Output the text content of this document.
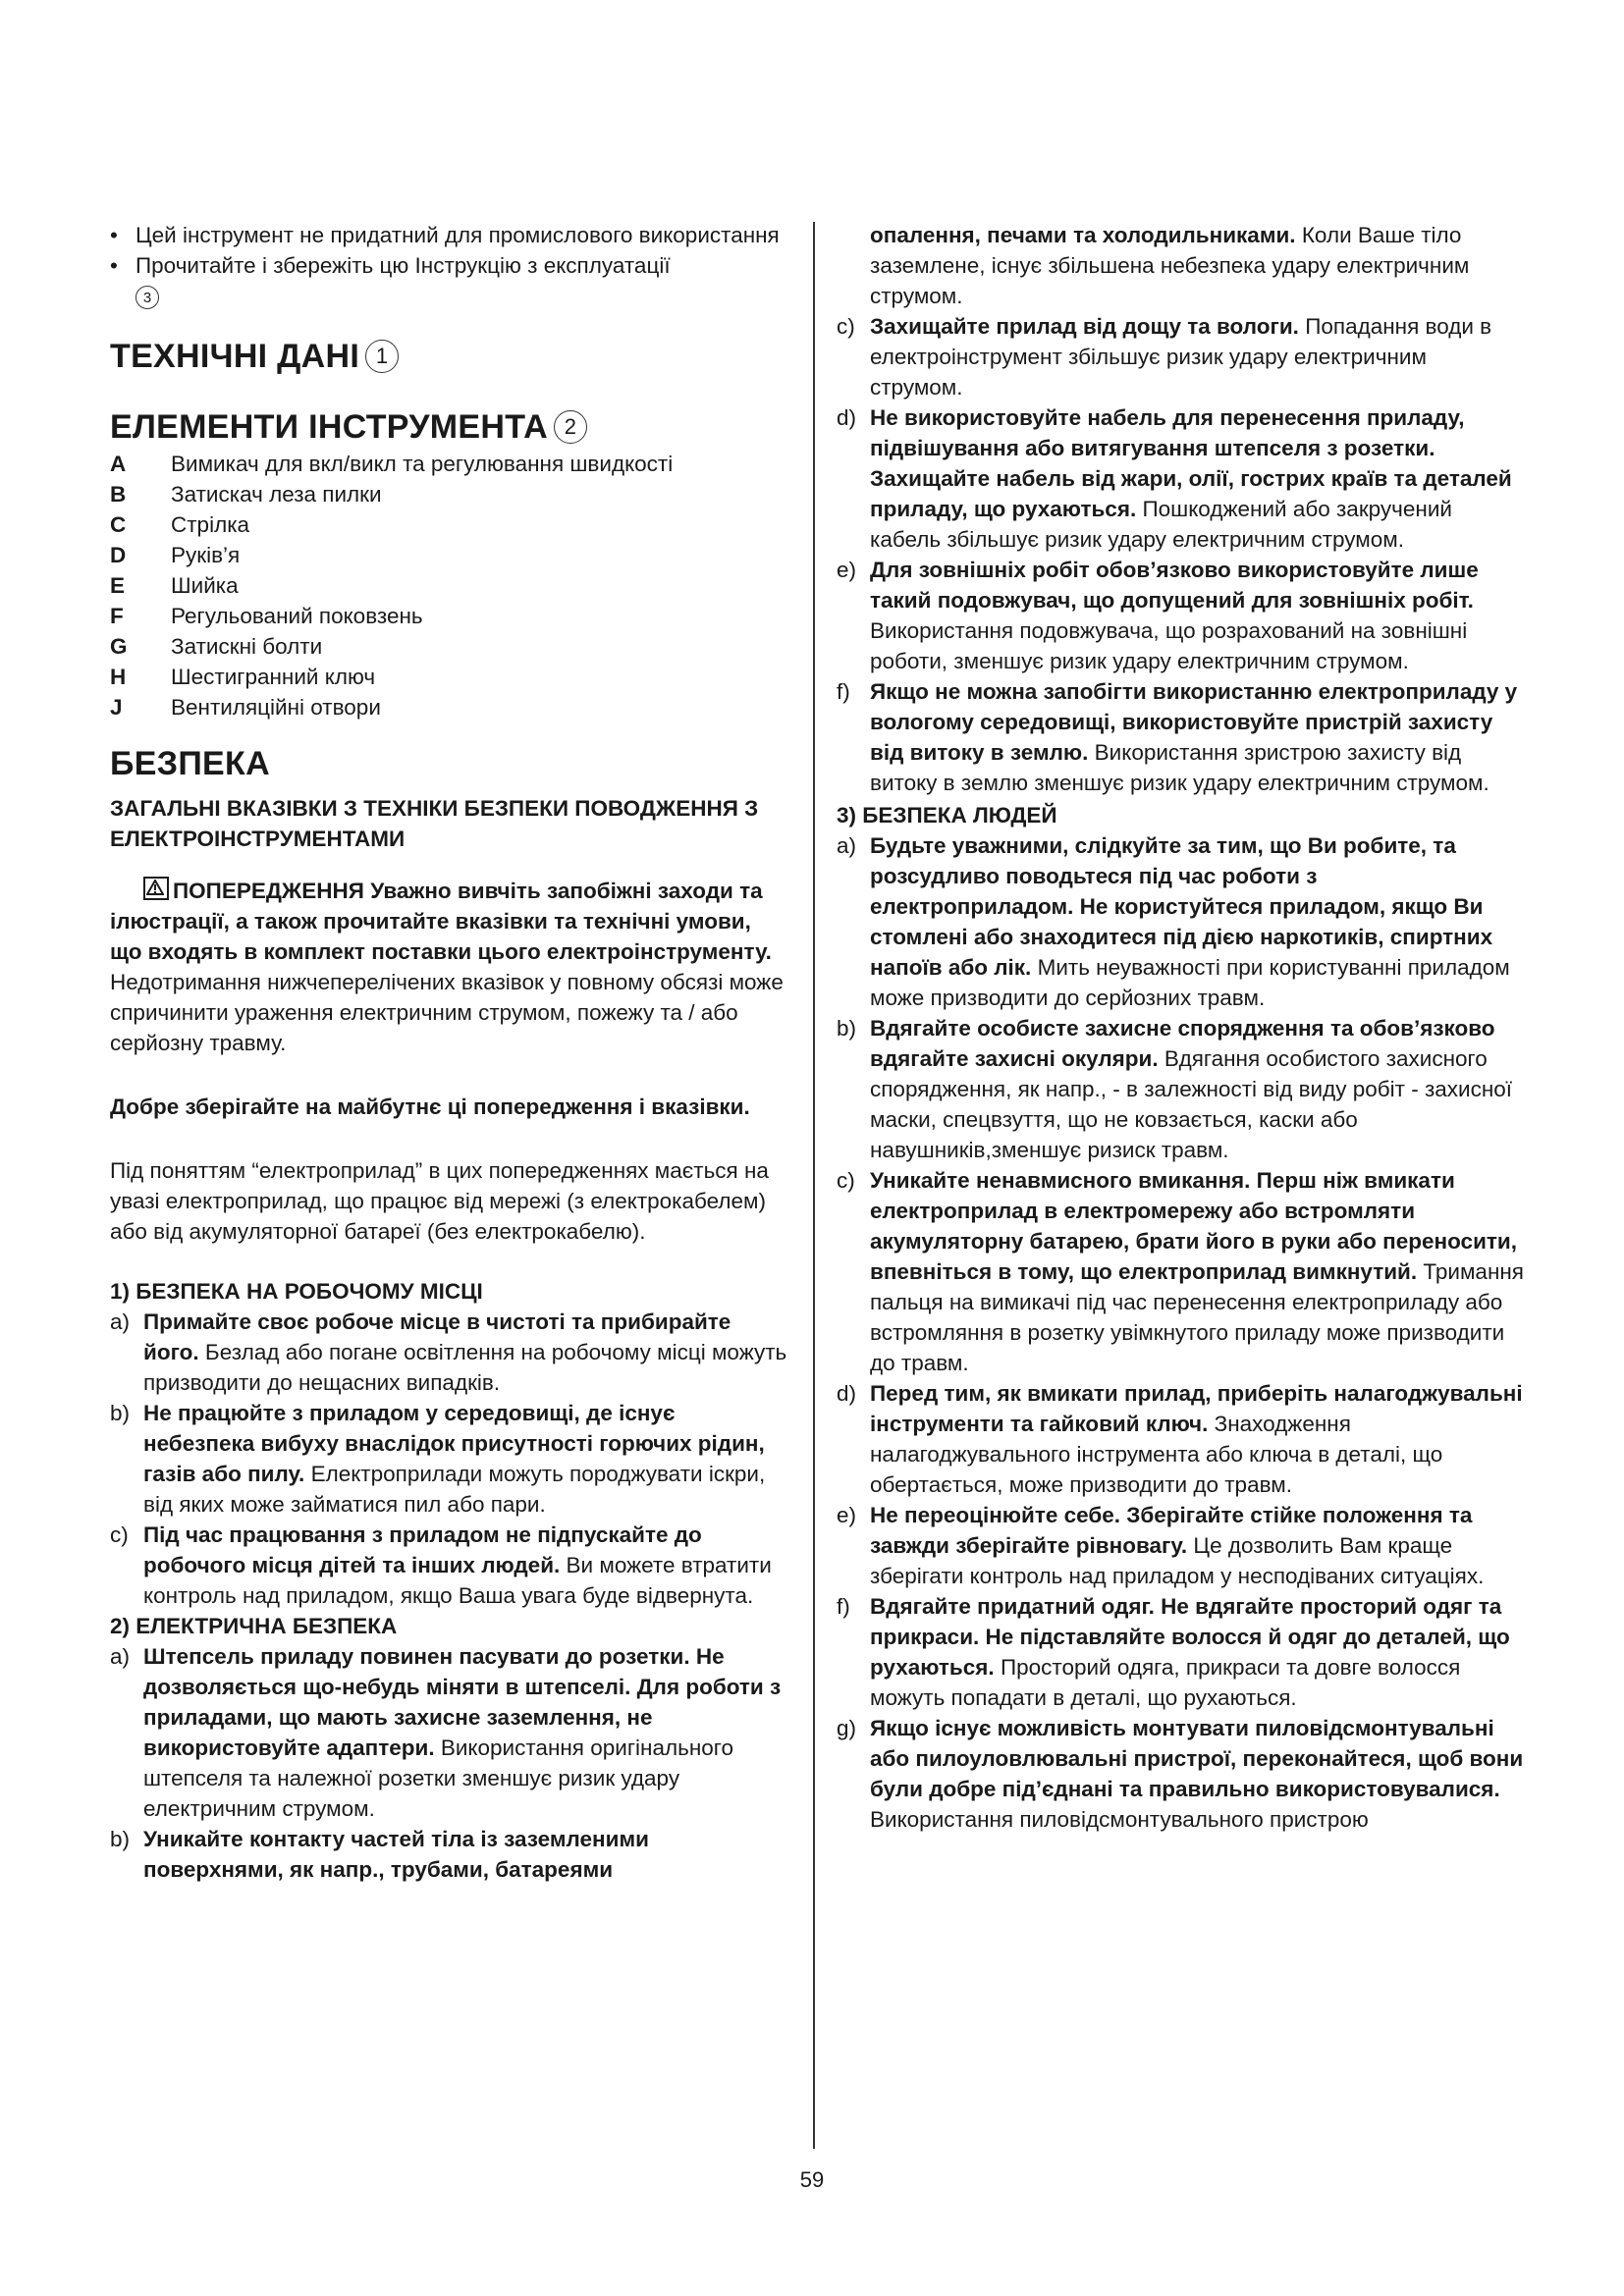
• Цей інструмент не придатний для промислового використання
• Прочитайте і збережіть цю Інструкцію з експлуатації
3
ТЕХНІЧНІ ДАНІ 1
ЕЛЕМЕНТИ ІНСТРУМЕНТА 2
A	Вимикач для вкл/викл та регулювання швидкості
B	Затискач леза пилки
C	Стрілка
D	Руків’я
E	Шийка
F	Регульований поковзень
G	Затискні болти
H	Шестигранний ключ
J	Вентиляційні отвори
БЕЗПЕКА
ЗАГАЛЬНІ ВКАЗІВКИ З ТЕХНІКИ БЕЗПЕКИ ПОВОДЖЕННЯ З ЕЛЕКТРОІНСТРУМЕНТАМИ
ПОПЕРЕДЖЕННЯ Уважно вивчіть запобіжні заходи та ілюстрації, а також прочитайте вказівки та технічні умови, що входять в комплект поставки цього електроінструменту. Недотримання нижчеперелічених вказівок у повному обсязі може спричинити ураження електричним струмом, пожежу та / або серйозну травму.
Добре зберігайте на майбутнє ці попередження і вказівки.
Під поняттям “електроприлад” в цих попередженнях мається на увазі електроприлад, що працює від мережі (з електрокабелем) або від акумуляторної батареї (без електрокабелю).
1) БЕЗПЕКА НА РОБОЧОМУ МІСЦІ
a) Примайте своє робоче місце в чистоті та прибирайте його. Безлад або погане освітлення на робочому місці можуть призводити до нещасних випадків.
b) Не працюйте з приладом у середовищі, де існує небезпека вибуху внаслідок присутності горючих рідин, газів або пилу. Електроприлади можуть породжувати іскри, від яких може займатися пил або пари.
c) Під час працювання з приладом не підпускайте до робочого місця дітей та інших людей. Ви можете втратити контроль над приладом, якщо Ваша увага буде відвернута.
2) ЕЛЕКТРИЧНА БЕЗПЕКА
a) Штепсель приладу повинен пасувати до розетки. Не дозволяється що-небудь міняти в штепселі. Для роботи з приладами, що мають захисне заземлення, не використовуйте адаптери. Використання оригінального штепселя та належної розетки зменшує ризик удару електричним струмом.
b) Уникайте контакту частей тіла із заземленими поверхнями, як напр., трубами, батареями
опалення, печами та холодильниками. Коли Ваше тіло заземлене, існує збільшена небезпека удару електричним струмом.
c) Захищайте прилад від дощу та вологи. Попадання води в електроінструмент збільшує ризик удару електричним струмом.
d) Не використовуйте набель для перенесення приладу, підвішування або витягування штепселя з розетки. Захищайте набель від жари, олії, гострих країв та деталей приладу, що рухаються. Пошкоджений або закручений кабель збільшує ризик удару електричним струмом.
e) Для зовнішніх робіт обов’язково використовуйте лише такий подовжувач, що допущений для зовнішніх робіт. Використання подовжувача, що розрахований на зовнішні роботи, зменшує ризик удару електричним струмом.
f) Якщо не можна запобігти використанню електроприладу у вологому середовищі, використовуйте пристрій захисту від витоку в землю. Використання зристрою захисту від витоку в землю зменшує ризик удару електричним струмом.
3) БЕЗПЕКА ЛЮДЕЙ
a) Будьте уважними, слідкуйте за тим, що Ви робите, та розсудливо поводьтеся під час роботи з електроприладом. Не користуйтеся приладом, якщо Ви стомлені або знаходитеся під дією наркотиків, спиртних напоїв або лік. Мить неуважності при користуванні приладом може призводити до серйозних травм.
b) Вдягайте особисте захисне спорядження та обов’язково вдягайте захисні окуляри. Вдягання особистого захисного спорядження, як напр., - в залежності від виду робіт - захисної маски, спецвзуття, що не ковзається, каски або навушників,зменшує ризиск травм.
c) Уникайте ненавмисного вмикання. Перш ніж вмикати електроприлад в електромережу або встромляти акумуляторну батарею, брати його в руки або переносити, впевніться в тому, що електроприлад вимкнутий. Тримання пальця на вимикачі під час перенесення електроприладу або встромляння в розетку увімкнутого приладу може призводити до травм.
d) Перед тим, як вмикати прилад, приберіть налагоджувальні інструменти та гайковий ключ. Знаходження налагоджувального інструмента або ключа в деталі, що обертається, може призводити до травм.
e) Не переоцінюйте себе. Зберігайте стійке положення та завжди зберігайте рівновагу. Це дозволить Вам краще зберігати контроль над приладом у несподіваних ситуаціях.
f) Вдягайте придатний одяг. Не вдягайте просторий одяг та прикраси. Не підставляйте волосся й одяг до деталей, що рухаються. Просторий одяга, прикраси та довге волосся можуть попадати в деталі, що рухаються.
g) Якщо існує можливість монтувати пиловідсмонтувальні або пилоуловлювальні пристрої, переконайтеся, щоб вони були добре під’єднані та правильно використовувалися. Використання пиловідсмонтувального пристрою
59
